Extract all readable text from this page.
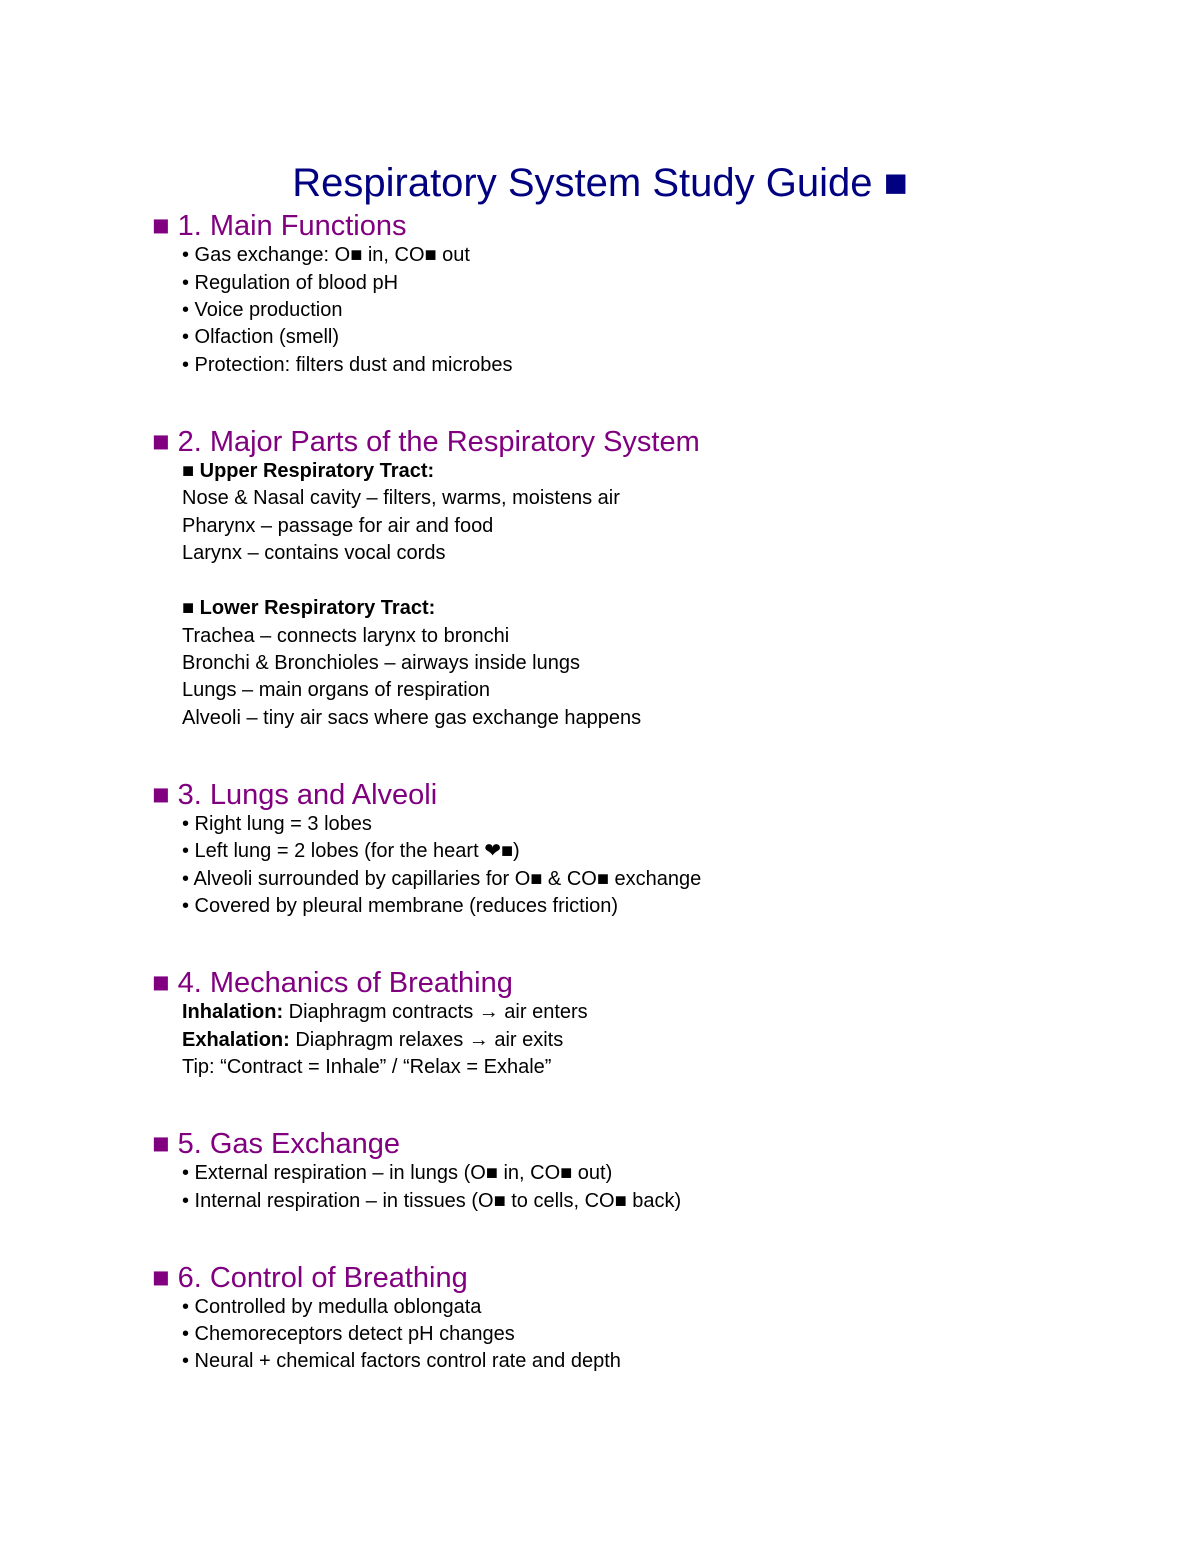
Respiratory System Study Guide ■
■ 1. Main Functions
• Gas exchange: O■ in, CO■ out
• Regulation of blood pH
• Voice production
• Olfaction (smell)
• Protection: filters dust and microbes
■ 2. Major Parts of the Respiratory System
■ Upper Respiratory Tract:
Nose & Nasal cavity – filters, warms, moistens air
Pharynx – passage for air and food
Larynx – contains vocal cords
■ Lower Respiratory Tract:
Trachea – connects larynx to bronchi
Bronchi & Bronchioles – airways inside lungs
Lungs – main organs of respiration
Alveoli – tiny air sacs where gas exchange happens
■ 3. Lungs and Alveoli
• Right lung = 3 lobes
• Left lung = 2 lobes (for the heart ❤■)
• Alveoli surrounded by capillaries for O■ & CO■ exchange
• Covered by pleural membrane (reduces friction)
■ 4. Mechanics of Breathing
Inhalation: Diaphragm contracts → air enters
Exhalation: Diaphragm relaxes → air exits
Tip: “Contract = Inhale” / “Relax = Exhale”
■ 5. Gas Exchange
• External respiration – in lungs (O■ in, CO■ out)
• Internal respiration – in tissues (O■ to cells, CO■ back)
■ 6. Control of Breathing
• Controlled by medulla oblongata
• Chemoreceptors detect pH changes
• Neural + chemical factors control rate and depth
